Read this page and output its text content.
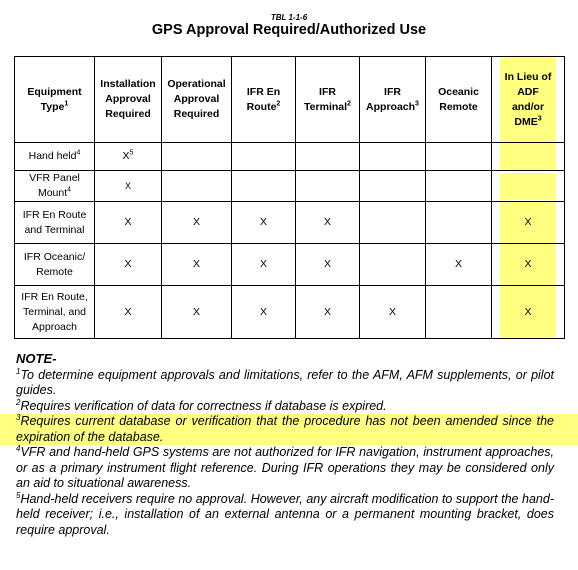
TBL 1-1-6
GPS Approval Required/Authorized Use
Equipment Type$^1$	Installation Approval Required	Operational Approval Required	IFR En Route$^2$	IFR Terminal$^2$	IFR Approach$^3$	Oceanic Remote	In Lieu of ADF and/or DME$^3$

Hand held$^4$	$X^5$						

VFR Panel Mount$^4$	X						

IFR En Route and Terminal	X	X	X	X			X

IFR Oceanic/ Remote	X	X	X	X		X	X

IFR En Route, Terminal, and Approach	X	X	X	X	X		X
NOTE-
$^1$To determine equipment approvals and limitations, refer to the AFM, AFM supplements, or pilot guides.
$^2$Requires verification of data for correctness if database is expired.
$^3$Requires current database or verification that the procedure has not been amended since the expiration of the database.
$^4$VFR and hand-held GPS systems are not authorized for IFR navigation, instrument approaches, or as a primary instrument flight reference. During IFR operations they may be considered only an aid to situational awareness.
$^5$Hand-held receivers require no approval. However, any aircraft modification to support the hand-held receiver; i.e., installation of an external antenna or a permanent mounting bracket, does require approval.
